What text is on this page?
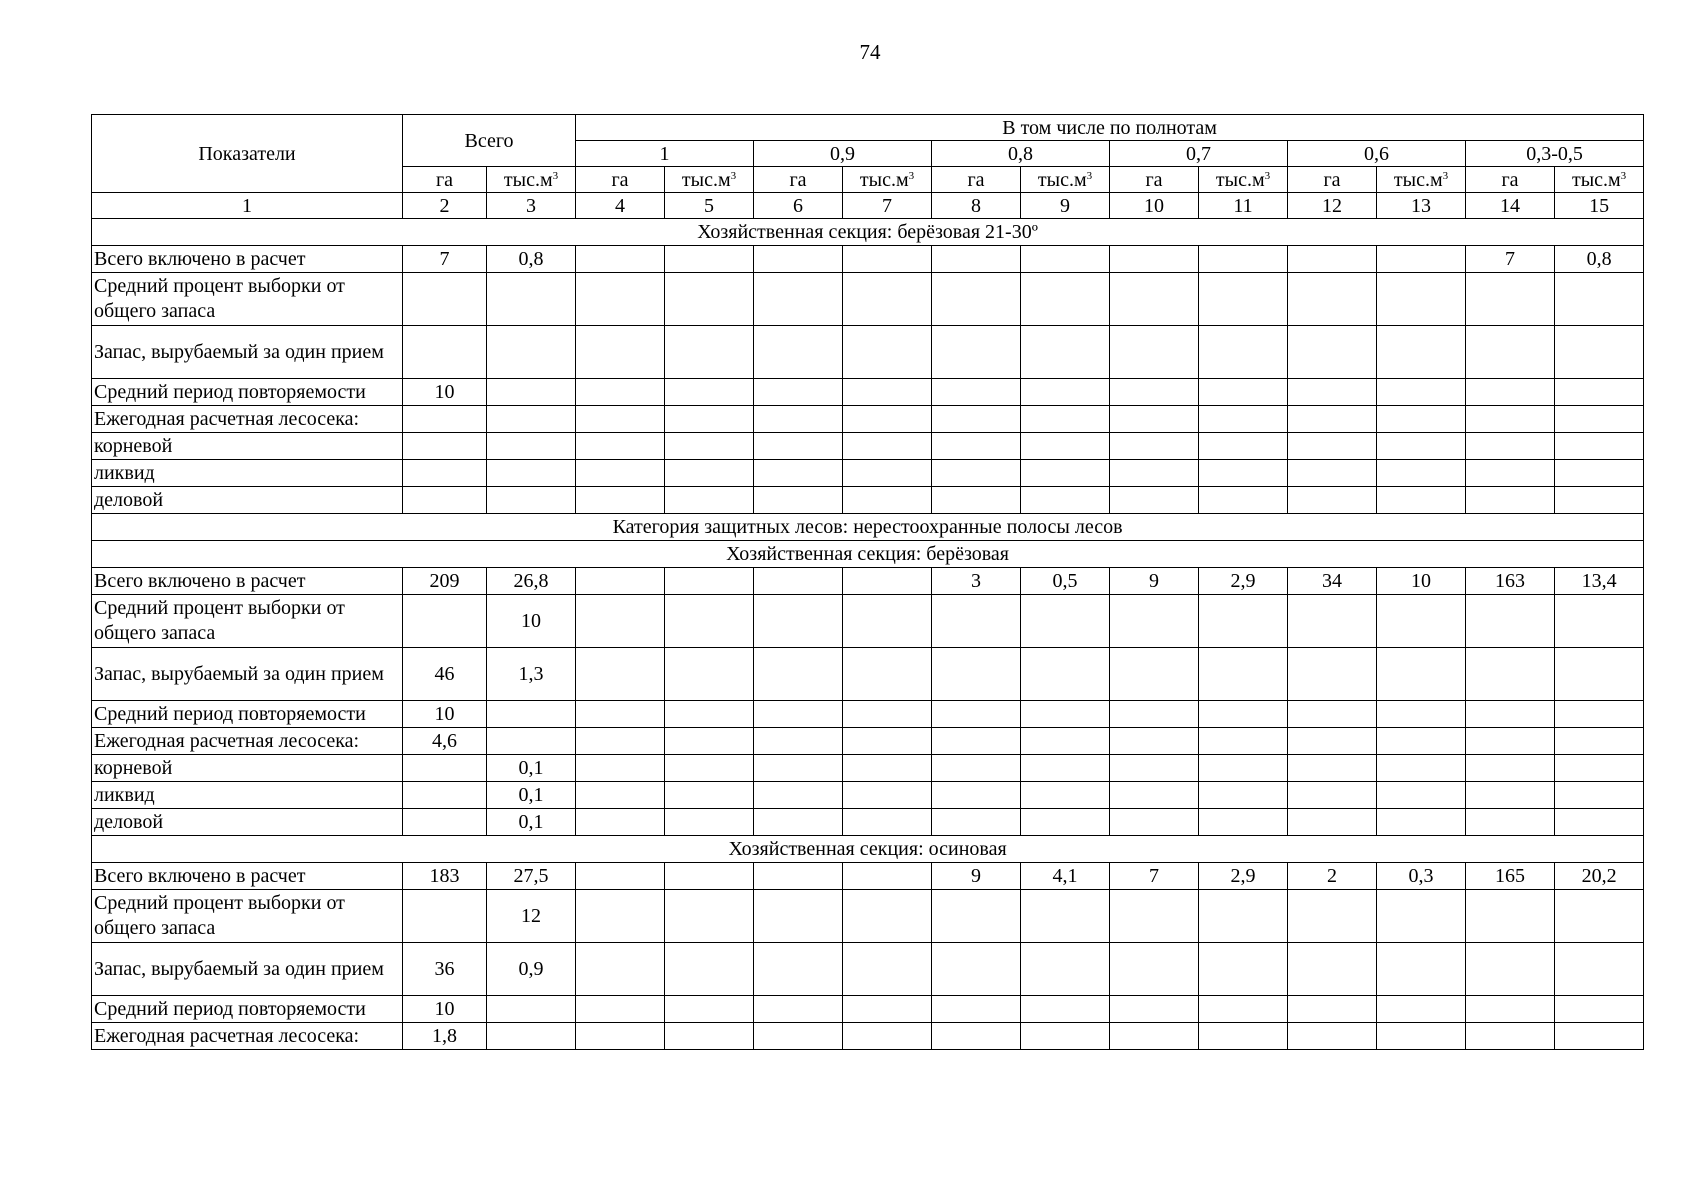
74
Показатели	Всего		В том числе по полнотам											
			1		0,9		0,8		0,7		0,6		0,3-0,5	
	га	$тыс.м^3$	га	$тыс.м^3$	га	$тыс.м^3$	га	$тыс.м^3$	га	$тыс.м^3$	га	$тыс.м^3$	га	$тыс.м^3$
1	2	3	4	5	6	7	8	9	10	11	12	13	14	15
Хозяйственная секция: берёзовая 21-30º														
Всего включено в расчет	7	0,8											7	0,8
Средний процент выборки от общего запаса														
Запас, вырубаемый за один прием														
Средний период повторяемости	10													
Ежегодная расчетная лесосека:														
корневой														
ликвид														
деловой														
Категория защитных лесов: нерестоохранные полосы лесов														
Хозяйственная секция: берёзовая														
Всего включено в расчет	209	26,8					3	0,5	9	2,9	34	10	163	13,4
Средний процент выборки от общего запаса		10												
Запас, вырубаемый за один прием	46	1,3												
Средний период повторяемости	10													
Ежегодная расчетная лесосека:	4,6													
корневой		0,1												
ликвид		0,1												
деловой		0,1												
Хозяйственная секция: осиновая														
Всего включено в расчет	183	27,5					9	4,1	7	2,9	2	0,3	165	20,2
Средний процент выборки от общего запаса		12												
Запас, вырубаемый за один прием	36	0,9												
Средний период повторяемости	10													
Ежегодная расчетная лесосека:	1,8													
